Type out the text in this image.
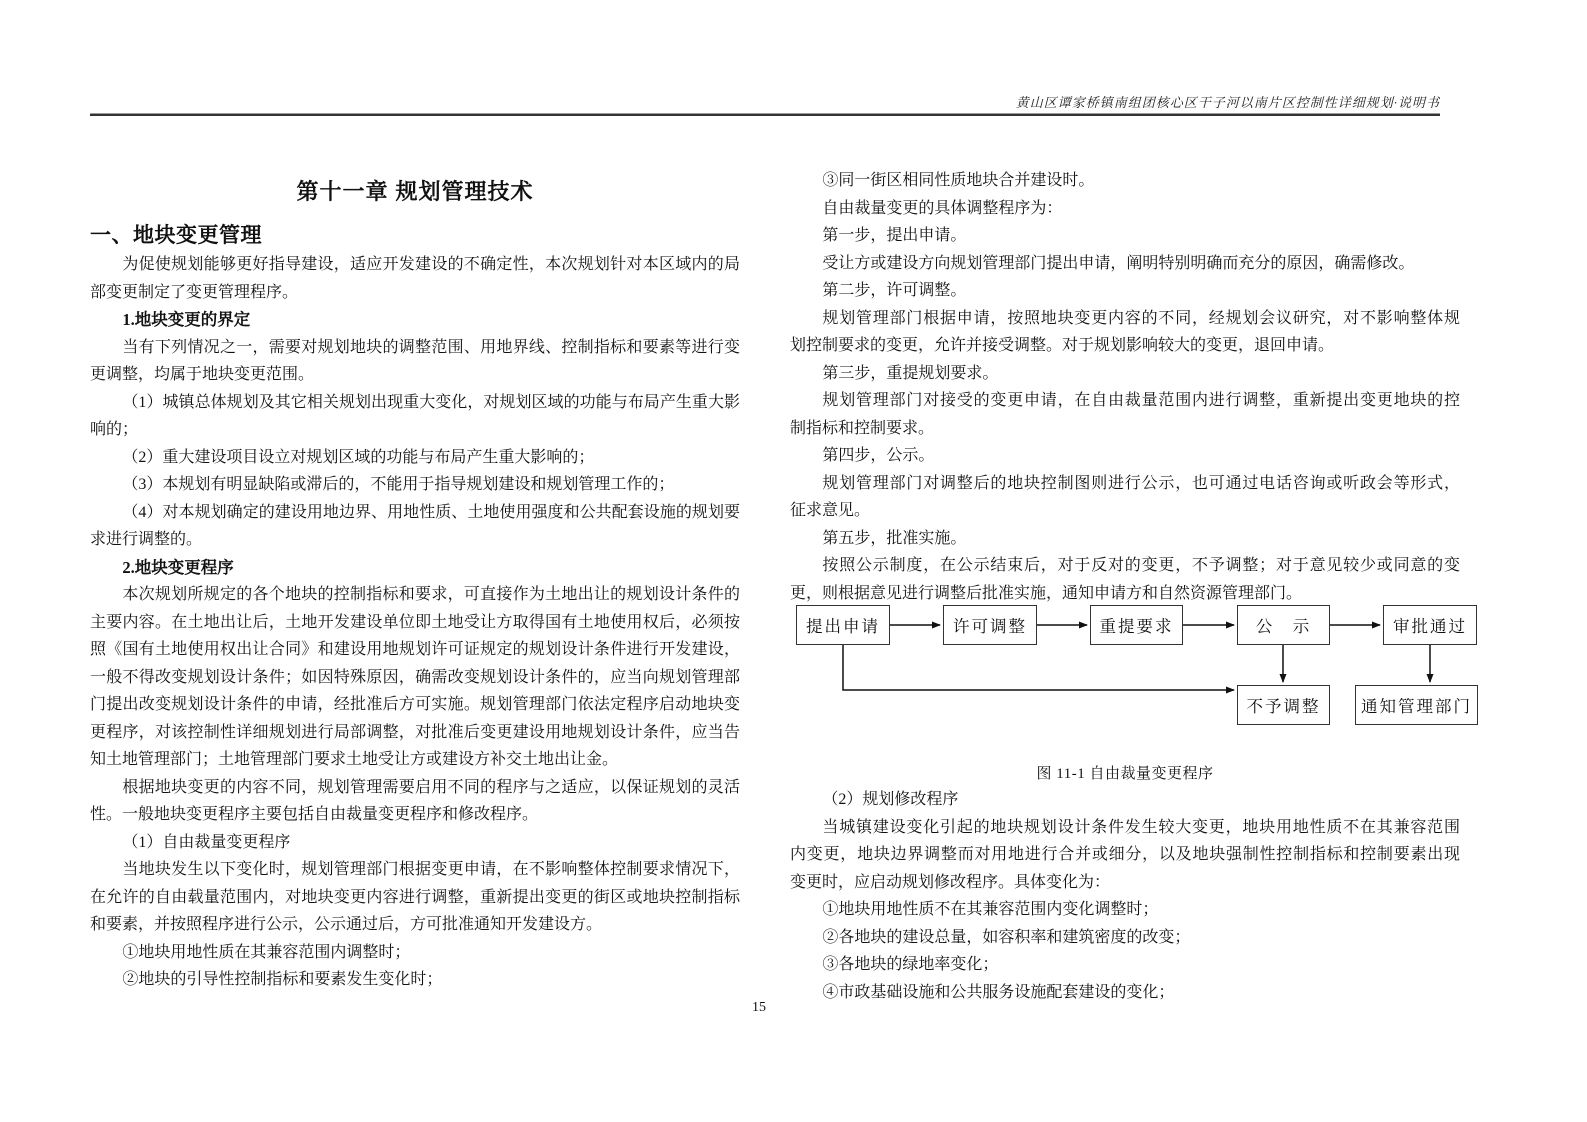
黄山区谭家桥镇南组团核心区干子河以南片区控制性详细规划·说明书
第十一章 规划管理技术
一、地块变更管理
为促使规划能够更好指导建设，适应开发建设的不确定性，本次规划针对本区域内的局
部变更制定了变更管理程序。
1.地块变更的界定
当有下列情况之一，需要对规划地块的调整范围、用地界线、控制指标和要素等进行变
更调整，均属于地块变更范围。
（1）城镇总体规划及其它相关规划出现重大变化，对规划区域的功能与布局产生重大影
响的；
（2）重大建设项目设立对规划区域的功能与布局产生重大影响的；
（3）本规划有明显缺陷或滞后的，不能用于指导规划建设和规划管理工作的；
（4）对本规划确定的建设用地边界、用地性质、土地使用强度和公共配套设施的规划要
求进行调整的。
2.地块变更程序
本次规划所规定的各个地块的控制指标和要求，可直接作为土地出让的规划设计条件的
主要内容。在土地出让后，土地开发建设单位即土地受让方取得国有土地使用权后，必须按
照《国有土地使用权出让合同》和建设用地规划许可证规定的规划设计条件进行开发建设，
一般不得改变规划设计条件；如因特殊原因，确需改变规划设计条件的，应当向规划管理部
门提出改变规划设计条件的申请，经批准后方可实施。规划管理部门依法定程序启动地块变
更程序，对该控制性详细规划进行局部调整，对批准后变更建设用地规划设计条件，应当告
知土地管理部门；土地管理部门要求土地受让方或建设方补交土地出让金。
根据地块变更的内容不同，规划管理需要启用不同的程序与之适应，以保证规划的灵活
性。一般地块变更程序主要包括自由裁量变更程序和修改程序。
（1）自由裁量变更程序
当地块发生以下变化时，规划管理部门根据变更申请，在不影响整体控制要求情况下，
在允许的自由载量范围内，对地块变更内容进行调整，重新提出变更的街区或地块控制指标
和要素，并按照程序进行公示，公示通过后，方可批准通知开发建设方。
①地块用地性质在其兼容范围内调整时；
②地块的引导性控制指标和要素发生变化时；
③同一街区相同性质地块合并建设时。
自由裁量变更的具体调整程序为：
第一步，提出申请。
受让方或建设方向规划管理部门提出申请，阐明特别明确而充分的原因，确需修改。
第二步，许可调整。
规划管理部门根据申请，按照地块变更内容的不同，经规划会议研究，对不影响整体规
划控制要求的变更，允许并接受调整。对于规划影响较大的变更，退回申请。
第三步，重提规划要求。
规划管理部门对接受的变更申请，在自由裁量范围内进行调整，重新提出变更地块的控
制指标和控制要求。
第四步，公示。
规划管理部门对调整后的地块控制图则进行公示，也可通过电话咨询或听政会等形式，
征求意见。
第五步，批准实施。
按照公示制度，在公示结束后，对于反对的变更，不予调整；对于意见较少或同意的变
更，则根据意见进行调整后批准实施，通知申请方和自然资源管理部门。
提出申请	许可调整	重提要求	公　示	审批通过
不予调整	通知管理部门
图 11-1 自由裁量变更程序
（2）规划修改程序
当城镇建设变化引起的地块规划设计条件发生较大变更，地块用地性质不在其兼容范围
内变更，地块边界调整而对用地进行合并或细分，以及地块强制性控制指标和控制要素出现
变更时，应启动规划修改程序。具体变化为：
①地块用地性质不在其兼容范围内变化调整时；
②各地块的建设总量，如容积率和建筑密度的改变；
③各地块的绿地率变化；
④市政基础设施和公共服务设施配套建设的变化；
15
